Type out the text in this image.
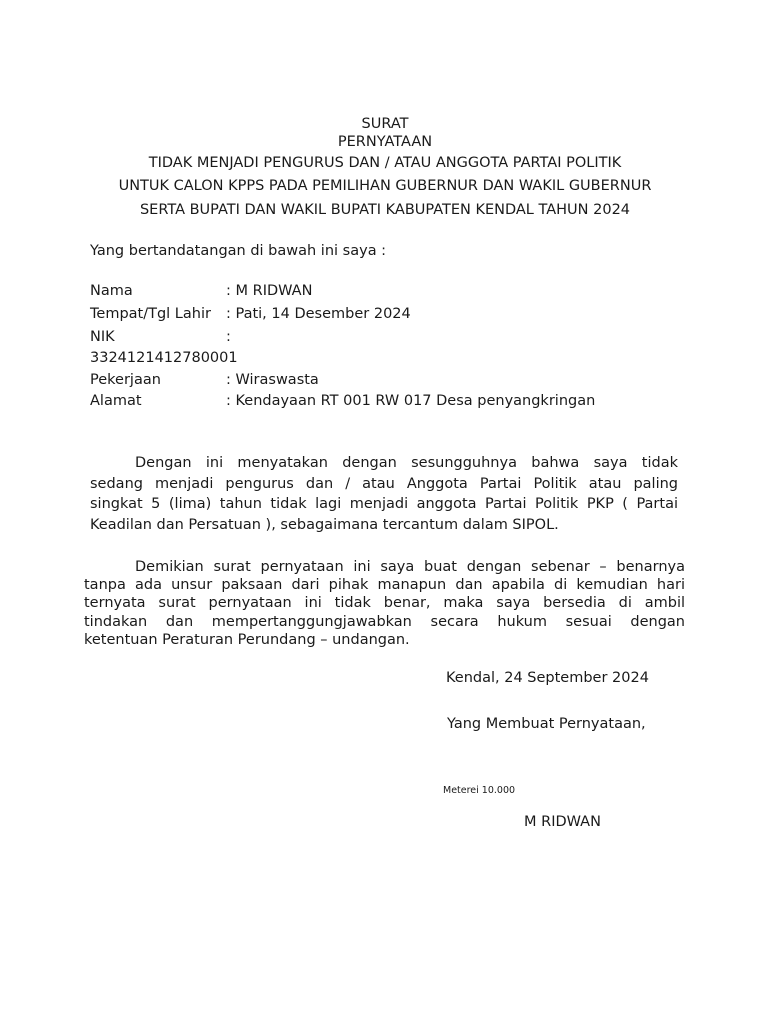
SURAT
PERNYATAAN
TIDAK MENJADI PENGURUS DAN / ATAU ANGGOTA PARTAI POLITIK
UNTUK CALON KPPS PADA PEMILIHAN GUBERNUR DAN WAKIL GUBERNUR
SERTA BUPATI DAN WAKIL BUPATI KABUPATEN KENDAL TAHUN 2024
Yang bertandatangan di bawah ini saya :
Nama	: M RIDWAN
Tempat/Tgl Lahir : Pati, 14 Desember 2024
NIK	:
3324121412780001
Pekerjaan	: Wiraswasta
Alamat	: Kendayaan RT 001 RW 017 Desa penyangkringan
Dengan ini menyatakan dengan sesungguhnya bahwa saya tidak
sedang menjadi pengurus dan / atau Anggota Partai Politik atau paling
singkat 5 (lima) tahun tidak lagi menjadi anggota Partai Politik PKP ( Partai
Keadilan dan Persatuan ), sebagaimana tercantum dalam SIPOL.
Demikian surat pernyataan ini saya buat dengan sebenar – benarnya
tanpa ada unsur paksaan dari pihak manapun dan apabila di kemudian hari
ternyata surat pernyataan ini tidak benar, maka saya bersedia di ambil
tindakan dan mempertanggungjawabkan secara hukum sesuai dengan
ketentuan Peraturan Perundang – undangan.
Kendal, 24 September 2024
Yang Membuat Pernyataan,
Meterei 10.000
M RIDWAN
